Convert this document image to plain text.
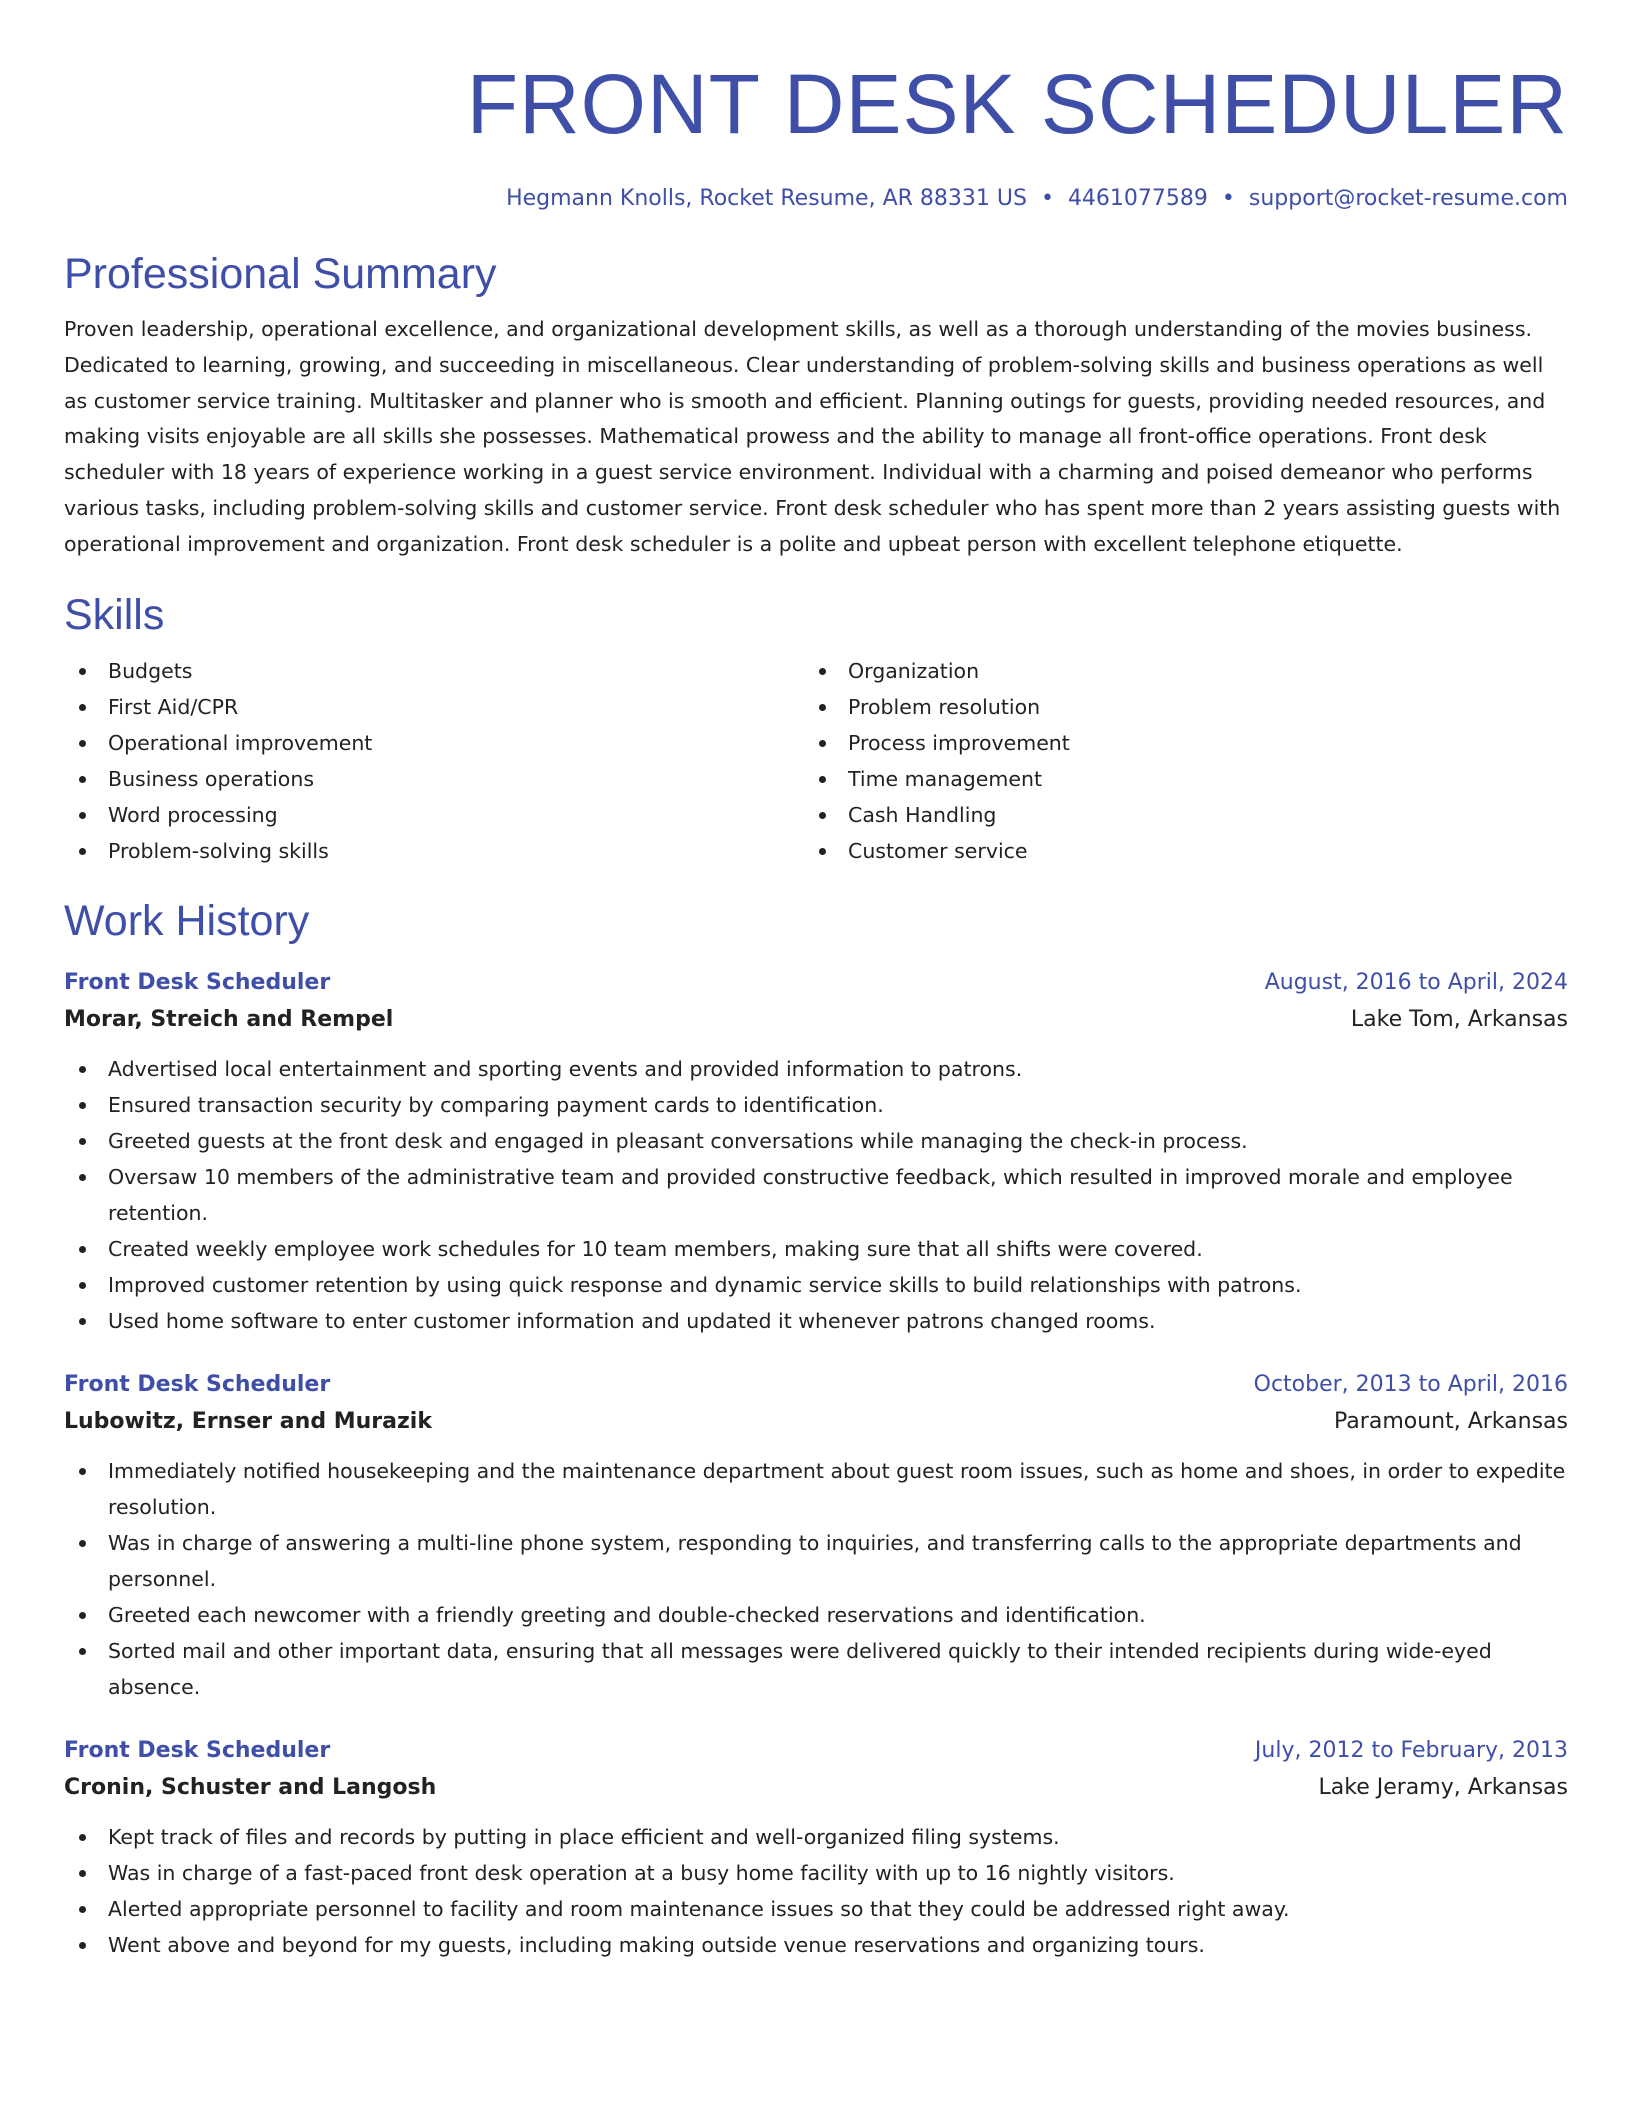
FRONT DESK SCHEDULER
Hegmann Knolls, Rocket Resume, AR 88331 US • 4461077589 • support@rocket-resume.com
Professional Summary
Proven leadership, operational excellence, and organizational development skills, as well as a thorough understanding of the movies business. Dedicated to learning, growing, and succeeding in miscellaneous. Clear understanding of problem-solving skills and business operations as well as customer service training. Multitasker and planner who is smooth and efficient. Planning outings for guests, providing needed resources, and making visits enjoyable are all skills she possesses. Mathematical prowess and the ability to manage all front-office operations. Front desk scheduler with 18 years of experience working in a guest service environment. Individual with a charming and poised demeanor who performs various tasks, including problem-solving skills and customer service. Front desk scheduler who has spent more than 2 years assisting guests with operational improvement and organization. Front desk scheduler is a polite and upbeat person with excellent telephone etiquette.
Skills
Budgets
First Aid/CPR
Operational improvement
Business operations
Word processing
Problem-solving skills
Organization
Problem resolution
Process improvement
Time management
Cash Handling
Customer service
Work History
Front Desk Scheduler	August, 2016 to April, 2024
Morar, Streich and Rempel	Lake Tom, Arkansas
Advertised local entertainment and sporting events and provided information to patrons.
Ensured transaction security by comparing payment cards to identification.
Greeted guests at the front desk and engaged in pleasant conversations while managing the check-in process.
Oversaw 10 members of the administrative team and provided constructive feedback, which resulted in improved morale and employee retention.
Created weekly employee work schedules for 10 team members, making sure that all shifts were covered.
Improved customer retention by using quick response and dynamic service skills to build relationships with patrons.
Used home software to enter customer information and updated it whenever patrons changed rooms.
Front Desk Scheduler	October, 2013 to April, 2016
Lubowitz, Ernser and Murazik	Paramount, Arkansas
Immediately notified housekeeping and the maintenance department about guest room issues, such as home and shoes, in order to expedite resolution.
Was in charge of answering a multi-line phone system, responding to inquiries, and transferring calls to the appropriate departments and personnel.
Greeted each newcomer with a friendly greeting and double-checked reservations and identification.
Sorted mail and other important data, ensuring that all messages were delivered quickly to their intended recipients during wide-eyed absence.
Front Desk Scheduler	July, 2012 to February, 2013
Cronin, Schuster and Langosh	Lake Jeramy, Arkansas
Kept track of files and records by putting in place efficient and well-organized filing systems.
Was in charge of a fast-paced front desk operation at a busy home facility with up to 16 nightly visitors.
Alerted appropriate personnel to facility and room maintenance issues so that they could be addressed right away.
Went above and beyond for my guests, including making outside venue reservations and organizing tours.
